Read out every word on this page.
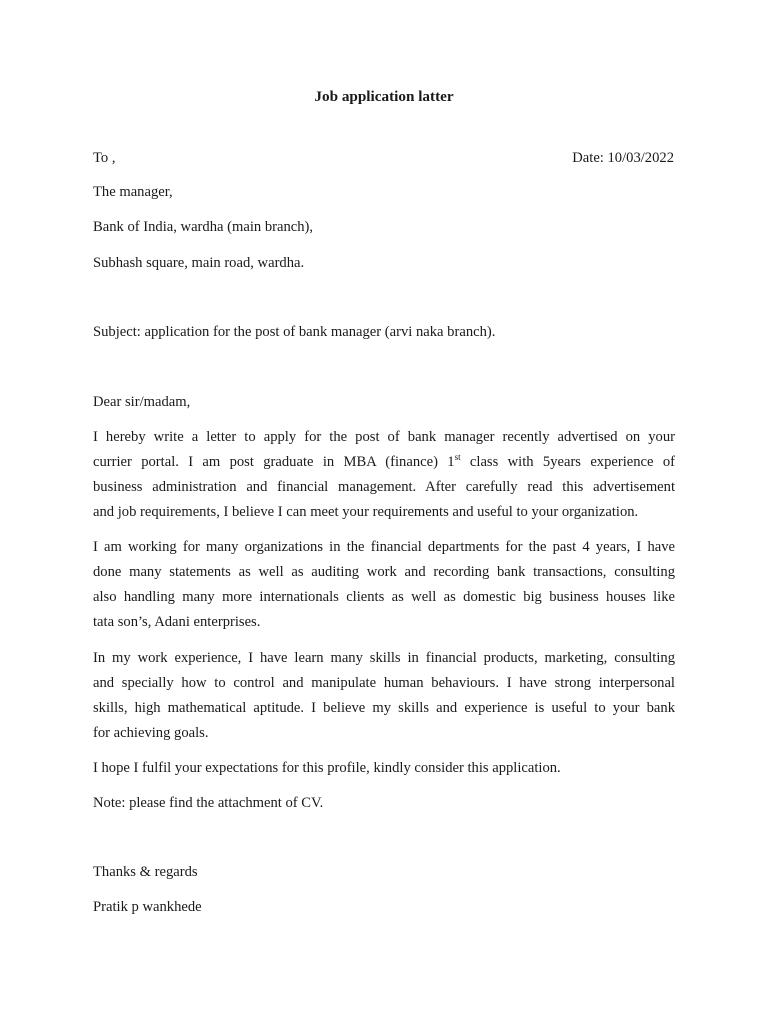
Job application latter
To ,	Date: 10/03/2022
The manager,
Bank of India, wardha (main branch),
Subhash square, main road, wardha.
Subject: application for the post of bank manager (arvi naka branch).
Dear sir/madam,
I hereby write a letter to apply for the post of bank manager recently advertised on your
currier portal. I am post graduate in MBA (finance) 1st class with 5years experience of
business administration and financial management. After carefully read this advertisement
and job requirements, I believe I can meet your requirements and useful to your organization.
I am working for many organizations in the financial departments for the past 4 years, I have
done many statements as well as auditing work and recording bank transactions, consulting
also handling many more internationals clients as well as domestic big business houses like
tata son’s, Adani enterprises.
In my work experience, I have learn many skills in financial products, marketing, consulting
and specially how to control and manipulate human behaviours. I have strong interpersonal
skills, high mathematical aptitude. I believe my skills and experience is useful to your bank
for achieving goals.
I hope I fulfil your expectations for this profile, kindly consider this application.
Note: please find the attachment of CV.
Thanks & regards
Pratik p wankhede
